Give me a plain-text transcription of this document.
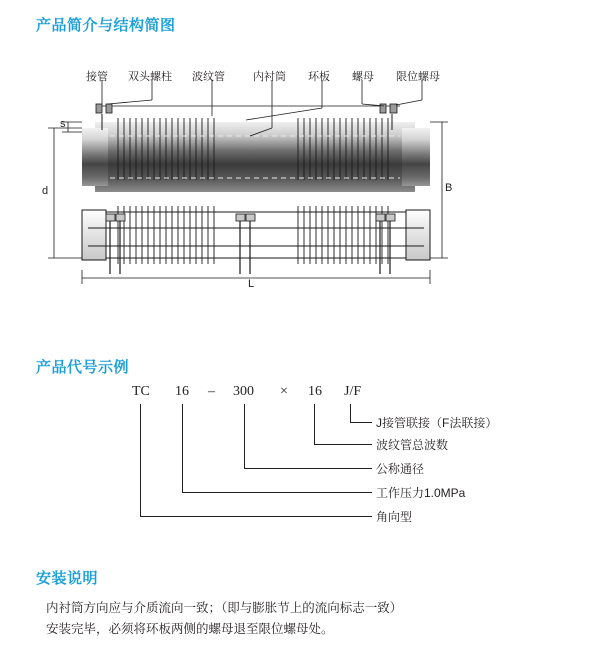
产品简介与结构简图
接管 双头螺柱 波纹管	内衬筒 环板 螺母 限位螺母
s
d	B
L
产品代号示例
TC 16 – 300 × 16 J/F
J接管联接（F法联接）
波纹管总波数
公称通径
工作压力1.0MPa
角向型
安装说明
内衬筒方向应与介质流向一致；（即与膨胀节上的流向标志一致）
安装完毕，必须将环板两侧的螺母退至限位螺母处。
